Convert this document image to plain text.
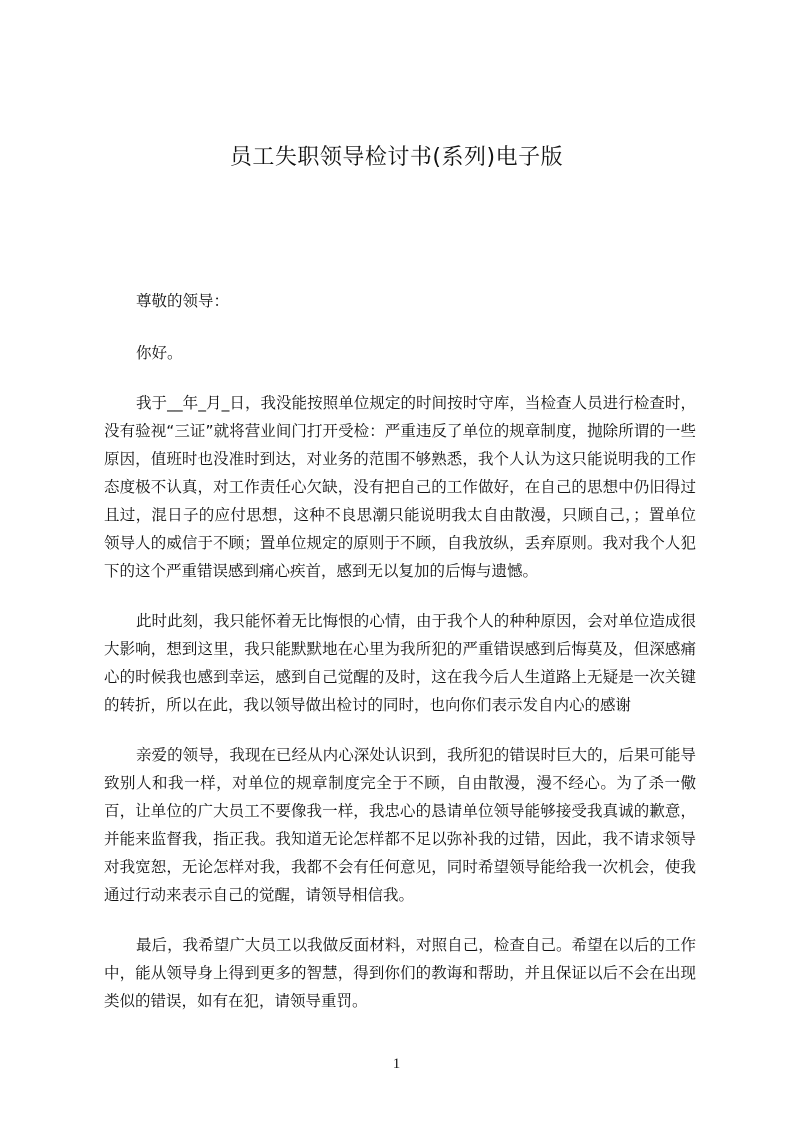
员工失职领导检讨书(系列)电子版

尊敬的领导：

你好。

我于__年_月_日，我没能按照单位规定的时间按时守库，当检查人员进行检查时，没有验视“三证”就将营业间门打开受检：严重违反了单位的规章制度，抛除所谓的一些原因，值班时也没准时到达，对业务的范围不够熟悉，我个人认为这只能说明我的工作态度极不认真，对工作责任心欠缺，没有把自己的工作做好，在自己的思想中仍旧得过且过，混日子的应付思想，这种不良思潮只能说明我太自由散漫，只顾自己，；置单位领导人的威信于不顾；置单位规定的原则于不顾，自我放纵，丢弃原则。我对我个人犯下的这个严重错误感到痛心疾首，感到无以复加的后悔与遗憾。

此时此刻，我只能怀着无比悔恨的心情，由于我个人的种种原因，会对单位造成很大影响，想到这里，我只能默默地在心里为我所犯的严重错误感到后悔莫及，但深感痛心的时候我也感到幸运，感到自己觉醒的及时，这在我今后人生道路上无疑是一次关键的转折，所以在此，我以领导做出检讨的同时，也向你们表示发自内心的感谢

亲爱的领导，我现在已经从内心深处认识到，我所犯的错误时巨大的，后果可能导致别人和我一样，对单位的规章制度完全于不顾，自由散漫，漫不经心。为了杀一儆百，让单位的广大员工不要像我一样，我忠心的恳请单位领导能够接受我真诚的歉意，并能来监督我，指正我。我知道无论怎样都不足以弥补我的过错，因此，我不请求领导对我宽恕，无论怎样对我，我都不会有任何意见，同时希望领导能给我一次机会，使我通过行动来表示自己的觉醒，请领导相信我。

最后，我希望广大员工以我做反面材料，对照自己，检查自己。希望在以后的工作中，能从领导身上得到更多的智慧，得到你们的教诲和帮助，并且保证以后不会在出现类似的错误，如有在犯，请领导重罚。

1
